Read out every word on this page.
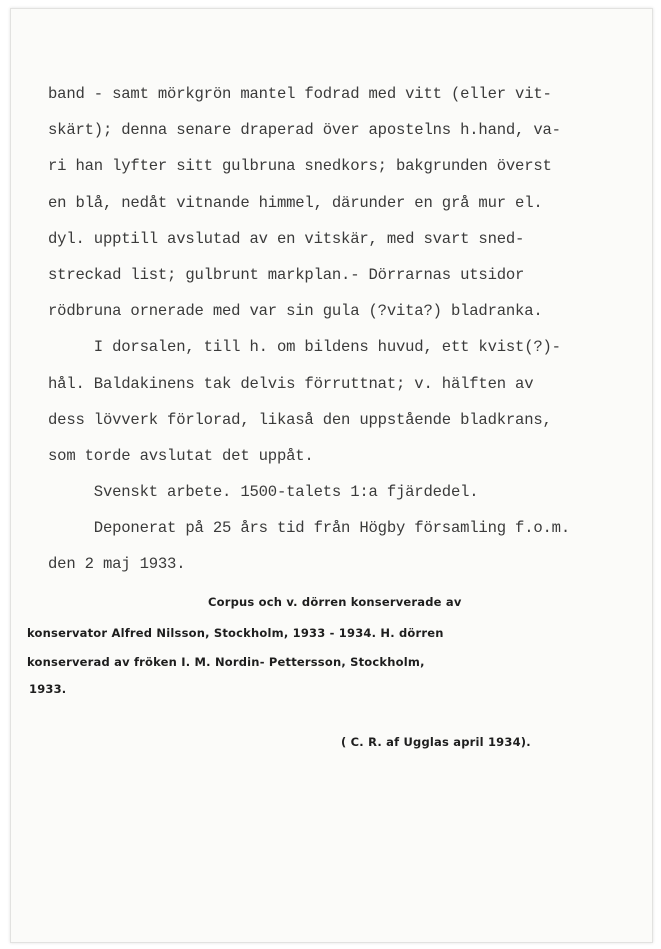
band - samt mörkgrön mantel fodrad med vitt (eller vit-
skärt); denna senare draperad över apostelns h.hand, va-
ri han lyfter sitt gulbruna snedkors; bakgrunden överst
en blå, nedåt vitnande himmel, därunder en grå mur el.
dyl. upptill avslutad av en vitskär, med svart sned-
streckad list; gulbrunt markplan.- Dörrarnas utsidor
rödbruna ornerade med var sin gula (?vita?) bladranka.
I dorsalen, till h. om bildens huvud, ett kvist(?)-
hål. Baldakinens tak delvis förruttnat; v. hälften av
dess lövverk förlorad, likaså den uppstående bladkrans,
som torde avslutat det uppåt.
Svenskt arbete. 1500-talets 1:a fjärdedel.
Deponerat på 25 års tid från Högby församling f.o.m.
den 2 maj 1933.
Corpus och v. dörren konserverade av
konservator Alfred Nilsson, Stockholm, 1933 - 1934. H. dörren
konserverad av fröken I. M. Nordin- Pettersson, Stockholm,
1933.
( C. R. af Ugglas april 1934).
